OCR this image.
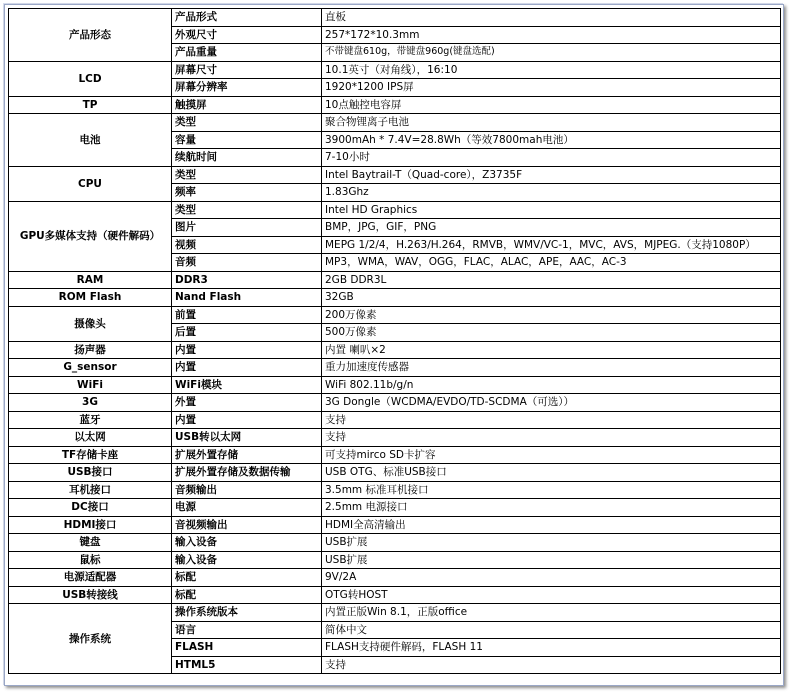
产品形态	产品形式	直板
	外观尺寸	257*172*10.3mm
	产品重量	不带键盘610g，带键盘960g(键盘选配)
LCD	屏幕尺寸	10.1英寸（对角线），16:10
	屏幕分辨率	1920*1200 IPS屏
TP	触摸屏	10点触控电容屏
电池	类型	聚合物锂离子电池
	容量	3900mAh * 7.4V=28.8Wh（等效7800mah电池）
	续航时间	7-10小时
CPU	类型	Intel Baytrail-T（Quad-core），Z3735F
	频率	1.83Ghz
GPU多媒体支持（硬件解码）	类型	Intel HD Graphics
	图片	BMP，JPG，GIF，PNG
	视频	MEPG 1/2/4，H.263/H.264，RMVB，WMV/VC-1，MVC，AVS，MJPEG.（支持1080P）
	音频	MP3，WMA，WAV，OGG，FLAC，ALAC，APE，AAC，AC-3
RAM	DDR3	2GB DDR3L
ROM Flash	Nand Flash	32GB
摄像头	前置	200万像素
	后置	500万像素
扬声器	内置	内置 喇叭×2
G_sensor	内置	重力加速度传感器
WiFi	WiFi模块	WiFi 802.11b/g/n
3G	外置	3G Dongle（WCDMA/EVDO/TD-SCDMA（可选））
蓝牙	内置	支持
以太网	USB转以太网	支持
TF存储卡座	扩展外置存储	可支持mirco SD卡扩容
USB接口	扩展外置存储及数据传输	USB OTG、标准USB接口
耳机接口	音频输出	3.5mm 标准耳机接口
DC接口	电源	2.5mm 电源接口
HDMI接口	音视频输出	HDMI全高清输出
键盘	输入设备	USB扩展
鼠标	输入设备	USB扩展
电源适配器	标配	9V/2A
USB转接线	标配	OTG转HOST
操作系统	操作系统版本	内置正版Win 8.1，正版office
	语言	简体中文
	FLASH	FLASH支持硬件解码，FLASH 11
	HTML5	支持
